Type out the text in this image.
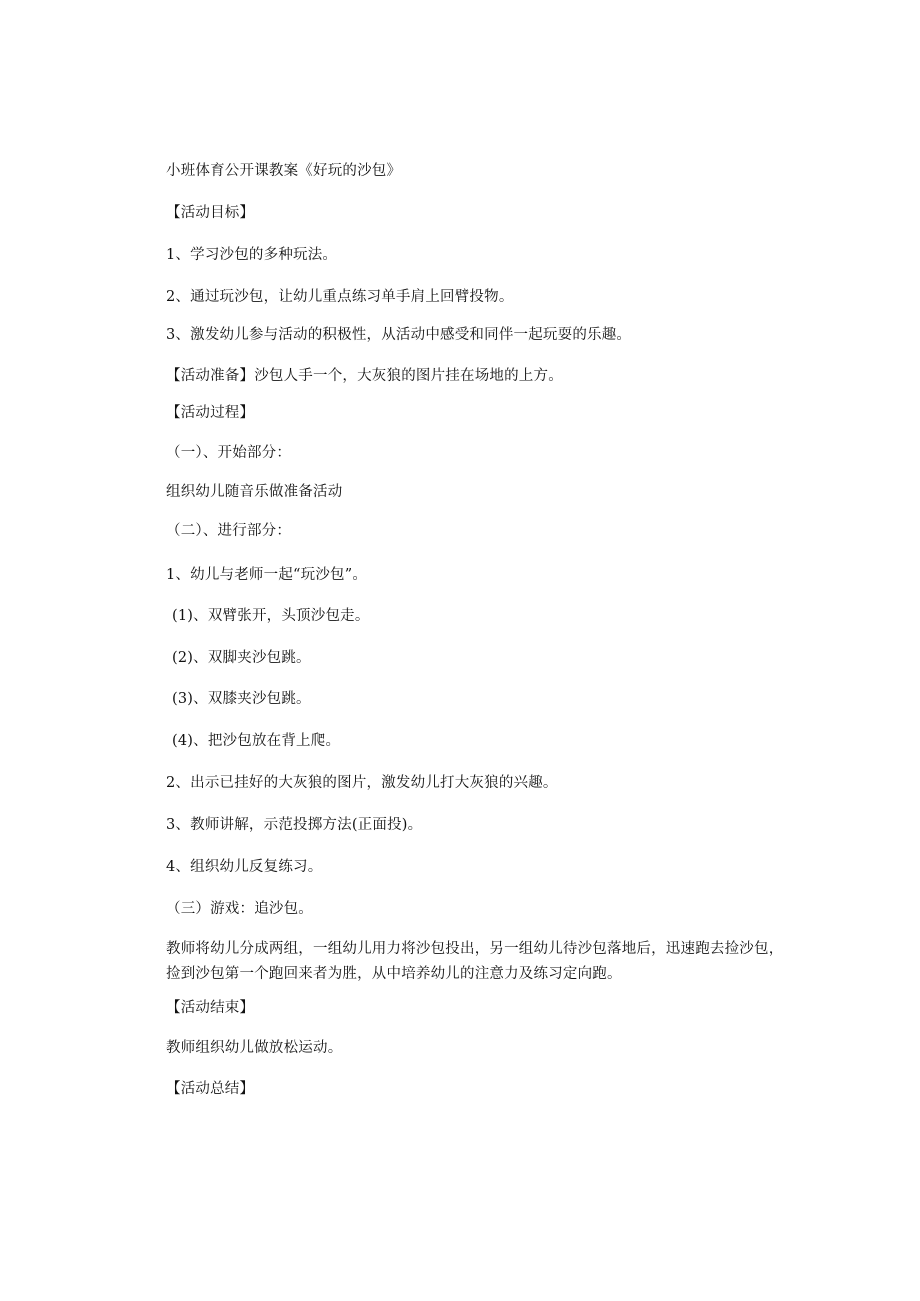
小班体育公开课教案《好玩的沙包》
【活动目标】
1、学习沙包的多种玩法。
2、通过玩沙包，让幼儿重点练习单手肩上回臂投物。
3、激发幼儿参与活动的积极性，从活动中感受和同伴一起玩耍的乐趣。
【活动准备】沙包人手一个，大灰狼的图片挂在场地的上方。
【活动过程】
（一）、开始部分：
组织幼儿随音乐做准备活动
（二）、进行部分：
1、幼儿与老师一起“玩沙包”。
(1)、双臂张开，头顶沙包走。
(2)、双脚夹沙包跳。
(3)、双膝夹沙包跳。
(4)、把沙包放在背上爬。
2、出示已挂好的大灰狼的图片，激发幼儿打大灰狼的兴趣。
3、教师讲解，示范投掷方法(正面投)。
4、组织幼儿反复练习。
（三）游戏：追沙包。
教师将幼儿分成两组，一组幼儿用力将沙包投出，另一组幼儿待沙包落地后，迅速跑去捡沙包，捡到沙包第一个跑回来者为胜，从中培养幼儿的注意力及练习定向跑。
【活动结束】
教师组织幼儿做放松运动。
【活动总结】
